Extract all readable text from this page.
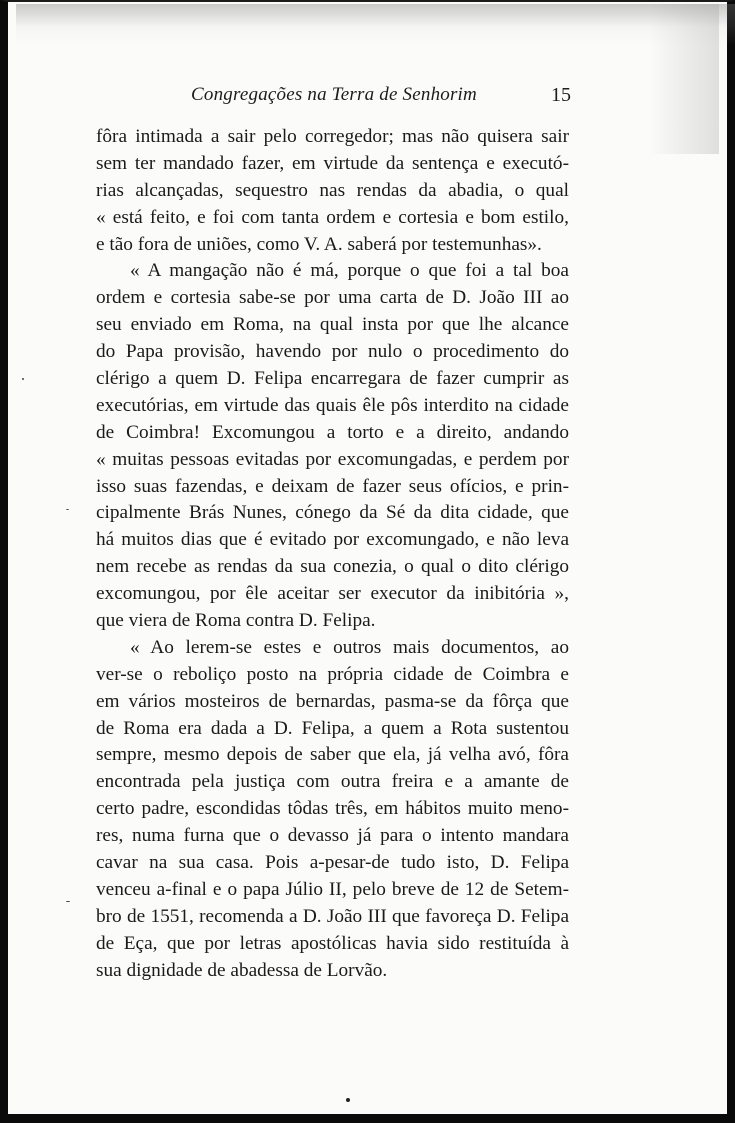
Congregações na Terra de Senhorim	15
fôra intimada a sair pelo corregedor; mas não quisera sair
sem ter mandado fazer, em virtude da sentença e executó-
rias alcançadas, sequestro nas rendas da abadia, o qual
« está feito, e foi com tanta ordem e cortesia e bom estilo,
e tão fora de uniões, como V. A. saberá por testemunhas».
« A mangação não é má, porque o que foi a tal boa
ordem e cortesia sabe-se por uma carta de D. João III ao
seu enviado em Roma, na qual insta por que lhe alcance
do Papa provisão, havendo por nulo o procedimento do
clérigo a quem D. Felipa encarregara de fazer cumprir as
executórias, em virtude das quais êle pôs interdito na cidade
de Coimbra! Excomungou a torto e a direito, andando
« muitas pessoas evitadas por excomungadas, e perdem por
isso suas fazendas, e deixam de fazer seus ofícios, e prin-
cipalmente Brás Nunes, cónego da Sé da dita cidade, que
há muitos dias que é evitado por excomungado, e não leva
nem recebe as rendas da sua conezia, o qual o dito clérigo
excomungou, por êle aceitar ser executor da inibitória »,
que viera de Roma contra D. Felipa.
« Ao lerem-se estes e outros mais documentos, ao
ver-se o reboliço posto na própria cidade de Coimbra e
em vários mosteiros de bernardas, pasma-se da fôrça que
de Roma era dada a D. Felipa, a quem a Rota sustentou
sempre, mesmo depois de saber que ela, já velha avó, fôra
encontrada pela justiça com outra freira e a amante de
certo padre, escondidas tôdas três, em hábitos muito meno-
res, numa furna que o devasso já para o intento mandara
cavar na sua casa. Pois a-pesar-de tudo isto, D. Felipa
venceu a-final e o papa Júlio II, pelo breve de 12 de Setem-
bro de 1551, recomenda a D. João III que favoreça D. Felipa
de Eça, que por letras apostólicas havia sido restituída à
sua dignidade de abadessa de Lorvão.
